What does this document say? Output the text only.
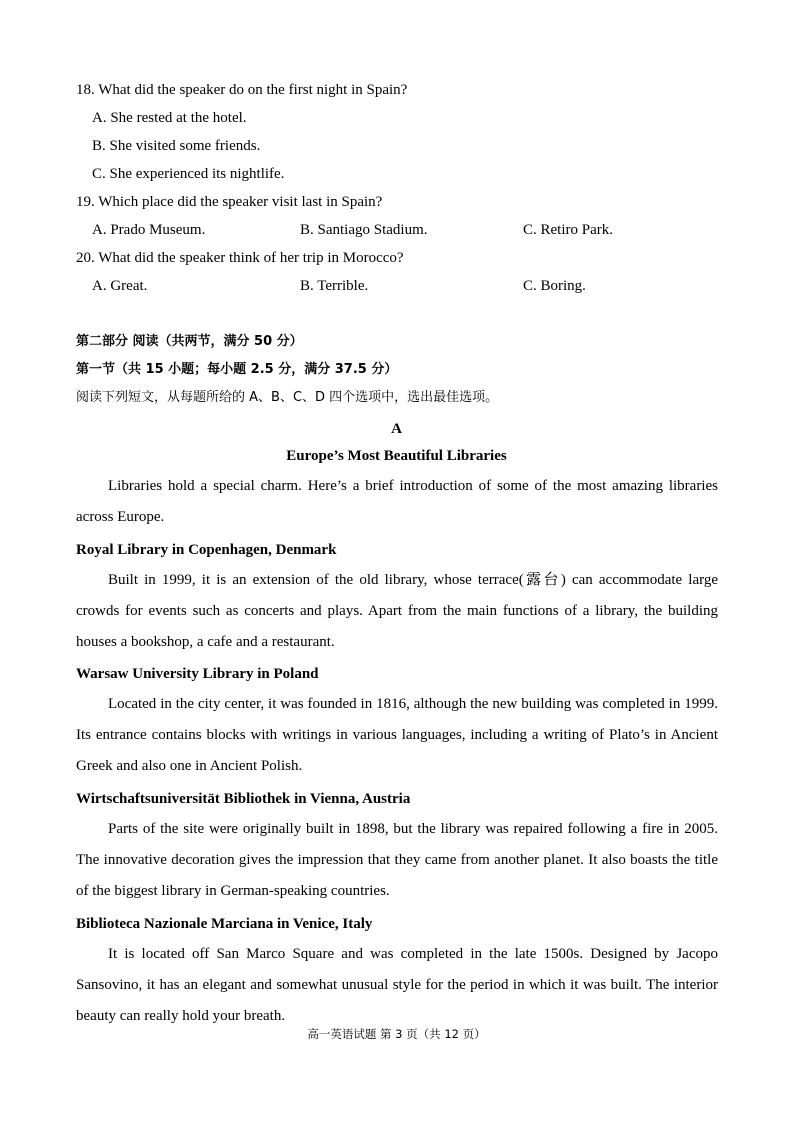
18. What did the speaker do on the first night in Spain?
A. She rested at the hotel.
B. She visited some friends.
C. She experienced its nightlife.
19. Which place did the speaker visit last in Spain?
A. Prado Museum.	B. Santiago Stadium.	C. Retiro Park.
20. What did the speaker think of her trip in Morocco?
A. Great.	B. Terrible.	C. Boring.
第二部分 阅读（共两节，满分 50 分）
第一节（共 15 小题；每小题 2.5 分，满分 37.5 分）
阅读下列短文，从每题所给的 A、B、C、D 四个选项中，选出最佳选项。
A
Europe’s Most Beautiful Libraries
Libraries hold a special charm. Here’s a brief introduction of some of the most amazing libraries across Europe.
Royal Library in Copenhagen, Denmark
Built in 1999, it is an extension of the old library, whose terrace(露台) can accommodate large crowds for events such as concerts and plays. Apart from the main functions of a library, the building houses a bookshop, a cafe and a restaurant.
Warsaw University Library in Poland
Located in the city center, it was founded in 1816, although the new building was completed in 1999. Its entrance contains blocks with writings in various languages, including a writing of Plato’s in Ancient Greek and also one in Ancient Polish.
Wirtschaftsuniversität Bibliothek in Vienna, Austria
Parts of the site were originally built in 1898, but the library was repaired following a fire in 2005. The innovative decoration gives the impression that they came from another planet. It also boasts the title of the biggest library in German-speaking countries.
Biblioteca Nazionale Marciana in Venice, Italy
It is located off San Marco Square and was completed in the late 1500s. Designed by Jacopo Sansovino, it has an elegant and somewhat unusual style for the period in which it was built. The interior beauty can really hold your breath.
高一英语试题 第 3 页（共 12 页）
